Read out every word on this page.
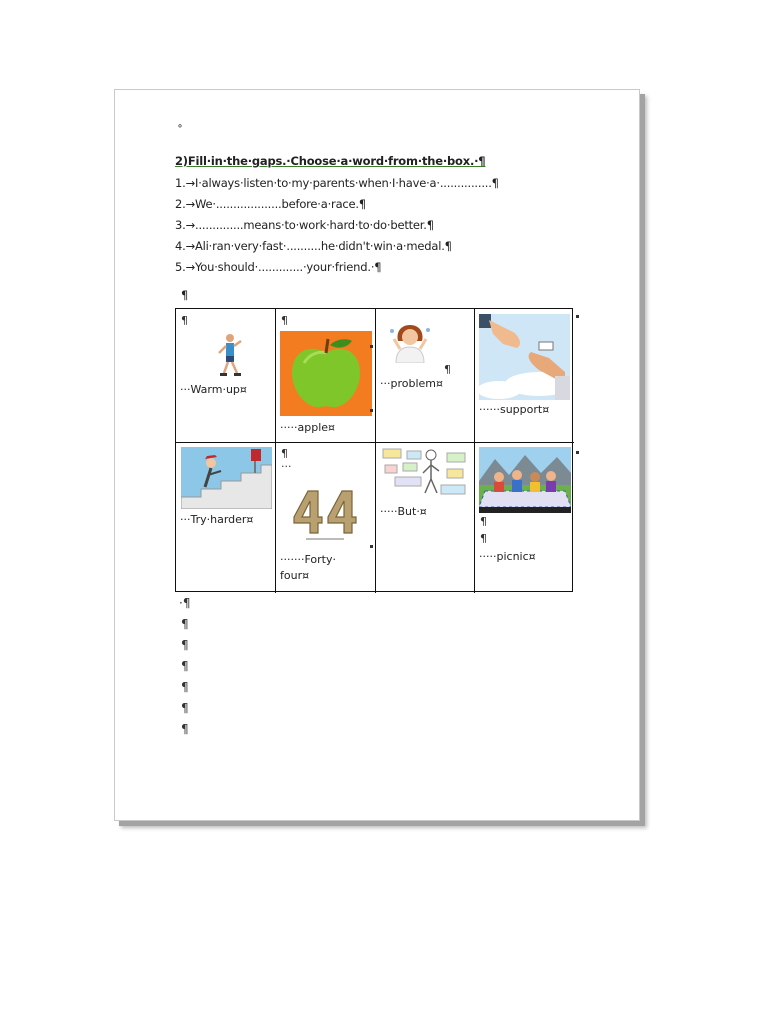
˚
2)Fill·in·the·gaps.·Choose·a·word·from·the·box.·¶
1.→I·always·listen·to·my·parents·when·I·have·a·...............¶
2.→We·...................before·a·race.¶
3.→..............means·to·work·hard·to·do·better.¶
4.→Ali·ran·very·fast·..........he·didn't·win·a·medal.¶
5.→You·should·.............·your·friend.·¶
¶
¶
···Warm·up¤
¶
·····apple¤
¶
···problem¤
······support¤
···Try·harder¤
¶
···
·······Forty·
four¤
·····But·¤
¶
¶
·····picnic¤
·¶
¶
¶
¶
¶
¶
¶
